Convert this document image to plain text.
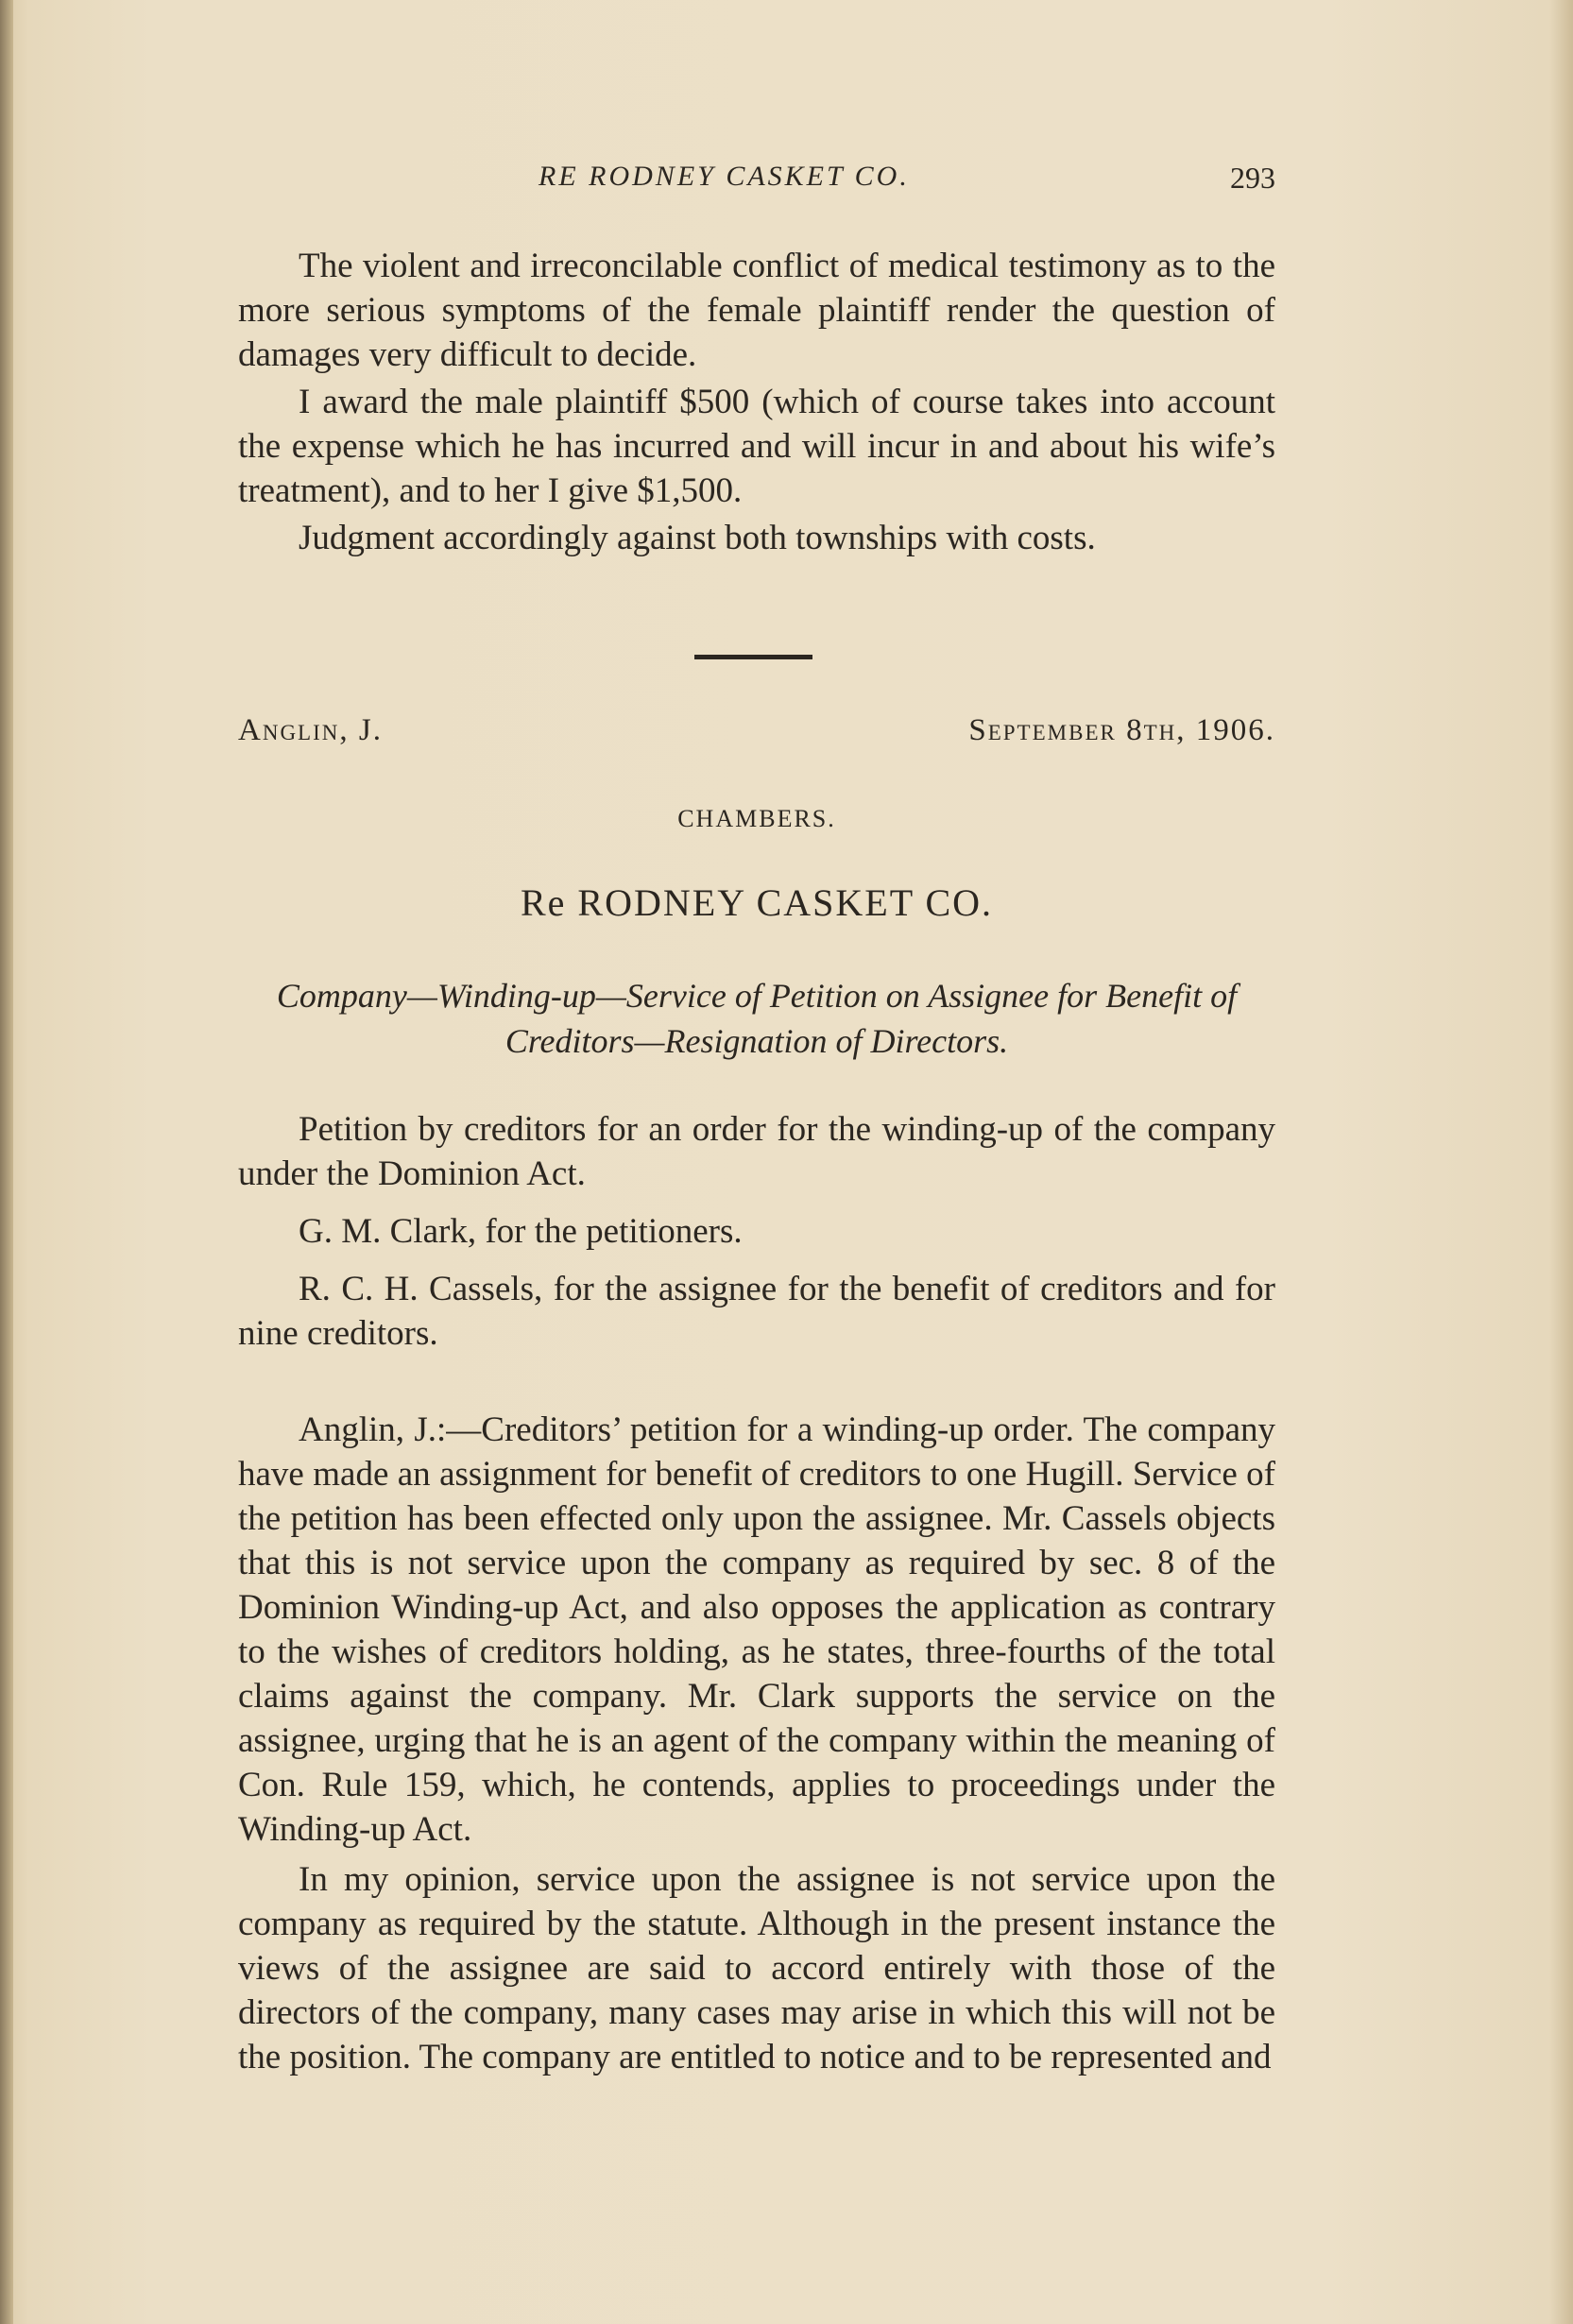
RE RODNEY CASKET CO.	293

The violent and irreconcilable conflict of medical testimony as to the more serious symptoms of the female plaintiff render the question of damages very difficult to decide.

I award the male plaintiff $500 (which of course takes into account the expense which he has incurred and will incur in and about his wife’s treatment), and to her I give $1,500.

Judgment accordingly against both townships with costs.

Anglin, J.	September 8th, 1906.
CHAMBERS.
Re RODNEY CASKET CO.
Company—Winding-up—Service of Petition on Assignee for Benefit of Creditors—Resignation of Directors.

Petition by creditors for an order for the winding-up of the company under the Dominion Act.

G. M. Clark, for the petitioners.

R. C. H. Cassels, for the assignee for the benefit of creditors and for nine creditors.

Anglin, J.:—Creditors’ petition for a winding-up order. The company have made an assignment for benefit of creditors to one Hugill. Service of the petition has been effected only upon the assignee. Mr. Cassels objects that this is not service upon the company as required by sec. 8 of the Dominion Winding-up Act, and also opposes the application as contrary to the wishes of creditors holding, as he states, three-fourths of the total claims against the company. Mr. Clark supports the service on the assignee, urging that he is an agent of the company within the meaning of Con. Rule 159, which, he contends, applies to proceedings under the Winding-up Act.

In my opinion, service upon the assignee is not service upon the company as required by the statute. Although in the present instance the views of the assignee are said to accord entirely with those of the directors of the company, many cases may arise in which this will not be the position. The company are entitled to notice and to be represented and
